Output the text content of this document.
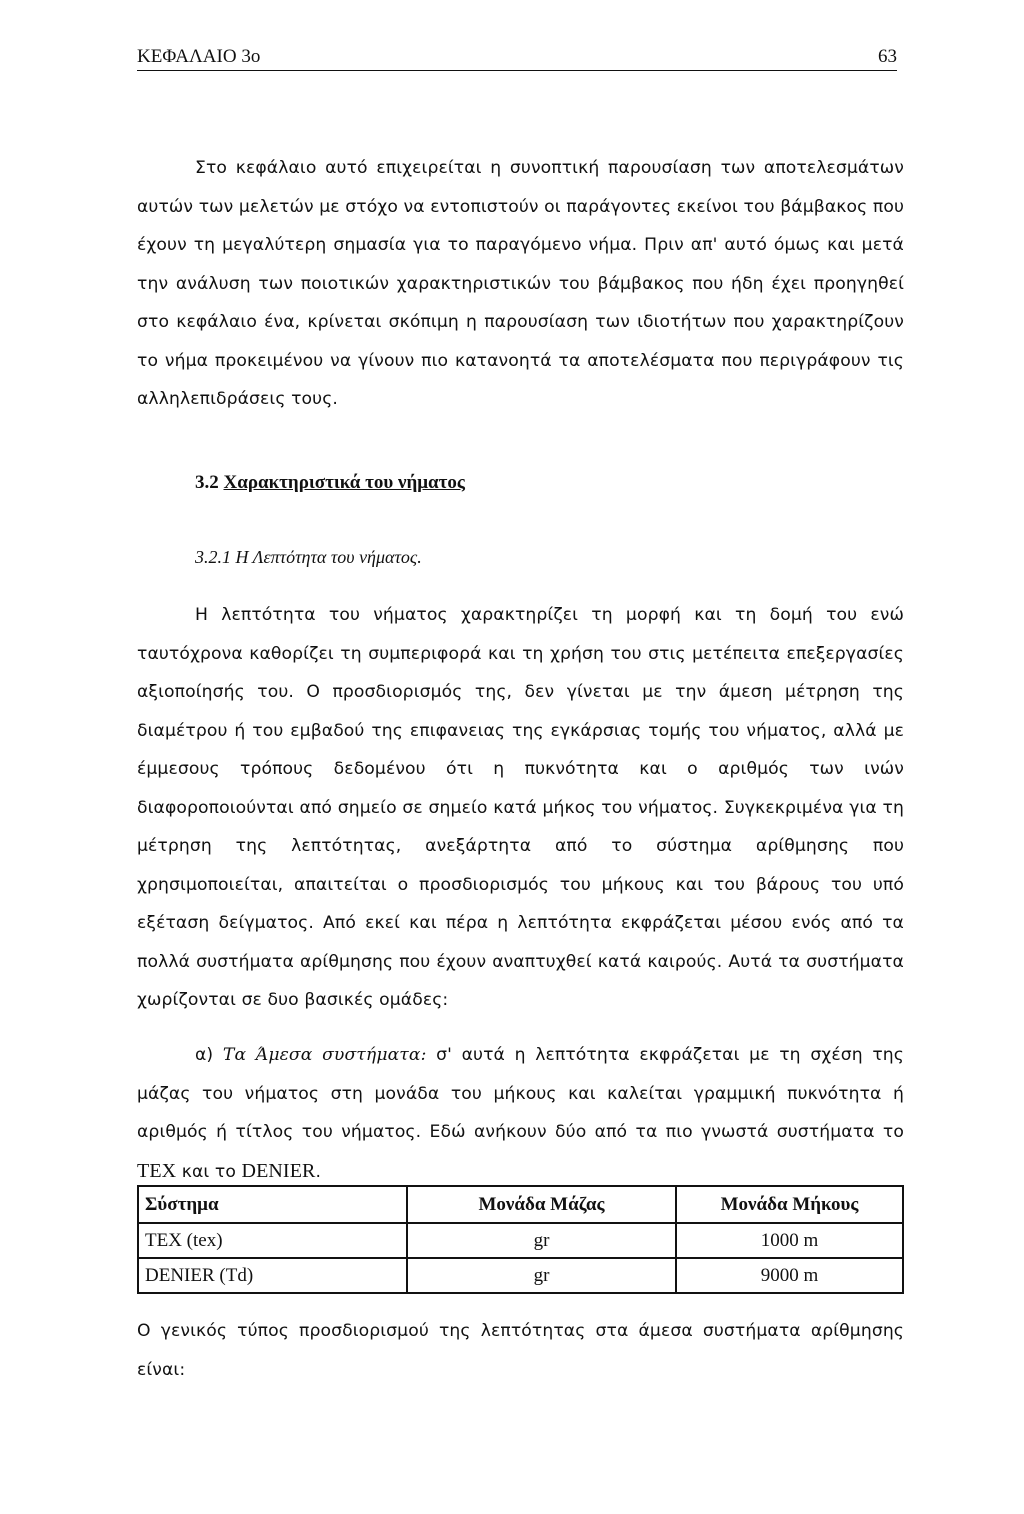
ΚΕΦΑΛΑΙΟ 3ο	63

Στο κεφάλαιο αυτό επιχειρείται η συνοπτική παρουσίαση των αποτελεσμάτων αυτών των μελετών με στόχο να εντοπιστούν οι παράγοντες εκείνοι του βάμβακος που έχουν τη μεγαλύτερη σημασία για το παραγόμενο νήμα. Πριν απ' αυτό όμως και μετά την ανάλυση των ποιοτικών χαρακτηριστικών του βάμβακος που ήδη έχει προηγηθεί στο κεφάλαιο ένα, κρίνεται σκόπιμη η παρουσίαση των ιδιοτήτων που χαρακτηρίζουν το νήμα προκειμένου να γίνουν πιο κατανοητά τα αποτελέσματα που περιγράφουν τις αλληλεπιδράσεις τους.

3.2 Χαρακτηριστικά του νήματος
3.2.1 Η Λεπτότητα του νήματος.

Η λεπτότητα του νήματος χαρακτηρίζει τη μορφή και τη δομή του ενώ ταυτόχρονα καθορίζει τη συμπεριφορά και τη χρήση του στις μετέπειτα επεξεργασίες αξιοποίησής του. Ο προσδιορισμός της, δεν γίνεται με την άμεση μέτρηση της διαμέτρου ή του εμβαδού της επιφανειας της εγκάρσιας τομής του νήματος, αλλά με έμμεσους τρόπους δεδομένου ότι η πυκνότητα και ο αριθμός των ινών διαφοροποιούνται από σημείο σε σημείο κατά μήκος του νήματος. Συγκεκριμένα για τη μέτρηση της λεπτότητας, ανεξάρτητα από το σύστημα αρίθμησης που χρησιμοποιείται, απαιτείται ο προσδιορισμός του μήκους και του βάρους του υπό εξέταση δείγματος. Από εκεί και πέρα η λεπτότητα εκφράζεται μέσου ενός από τα πολλά συστήματα αρίθμησης που έχουν αναπτυχθεί κατά καιρούς. Αυτά τα συστήματα χωρίζονται σε δυο βασικές ομάδες:

α) Τα Άμεσα συστήματα: σ' αυτά η λεπτότητα εκφράζεται με τη σχέση της μάζας του νήματος στη μονάδα του μήκους και καλείται γραμμική πυκνότητα ή αριθμός ή τίτλος του νήματος. Εδώ ανήκουν δύο από τα πιο γνωστά συστήματα το TEX και το DENIER.

Σύστημα	Μονάδα Μάζας	Μονάδα Μήκους
TEX (tex)	gr	1000 m
DENIER (Td)	gr	9000 m

Ο γενικός τύπος προσδιορισμού της λεπτότητας στα άμεσα συστήματα αρίθμησης είναι:
